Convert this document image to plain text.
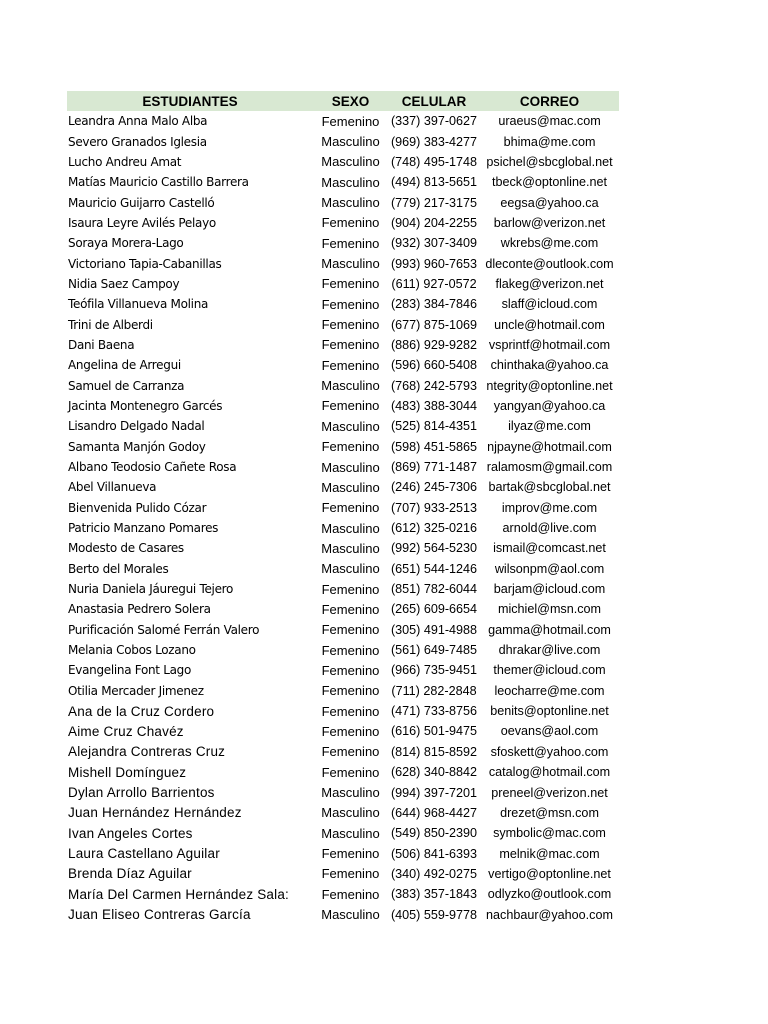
ESTUDIANTES	SEXO	CELULAR	CORREO
Leandra Anna Malo Alba	Femenino	(337) 397-0627	uraeus@mac.com
Severo Granados Iglesia	Masculino	(969) 383-4277	bhima@me.com
Lucho Andreu Amat	Masculino	(748) 495-1748	psichel@sbcglobal.net
Matías Mauricio Castillo Barrera	Masculino	(494) 813-5651	tbeck@optonline.net
Mauricio Guijarro Castelló	Masculino	(779) 217-3175	eegsa@yahoo.ca
Isaura Leyre Avilés Pelayo	Femenino	(904) 204-2255	barlow@verizon.net
Soraya Morera-Lago	Femenino	(932) 307-3409	wkrebs@me.com
Victoriano Tapia-Cabanillas	Masculino	(993) 960-7653	dleconte@outlook.com
Nidia Saez Campoy	Femenino	(611) 927-0572	flakeg@verizon.net
Teófila Villanueva Molina	Femenino	(283) 384-7846	slaff@icloud.com
Trini de Alberdi	Femenino	(677) 875-1069	uncle@hotmail.com
Dani Baena	Femenino	(886) 929-9282	vsprintf@hotmail.com
Angelina de Arregui	Femenino	(596) 660-5408	chinthaka@yahoo.ca
Samuel de Carranza	Masculino	(768) 242-5793	ntegrity@optonline.net
Jacinta Montenegro Garcés	Femenino	(483) 388-3044	yangyan@yahoo.ca
Lisandro Delgado Nadal	Masculino	(525) 814-4351	ilyaz@me.com
Samanta Manjón Godoy	Femenino	(598) 451-5865	njpayne@hotmail.com
Albano Teodosio Cañete Rosa	Masculino	(869) 771-1487	ralamosm@gmail.com
Abel Villanueva	Masculino	(246) 245-7306	bartak@sbcglobal.net
Bienvenida Pulido Cózar	Femenino	(707) 933-2513	improv@me.com
Patricio Manzano Pomares	Masculino	(612) 325-0216	arnold@live.com
Modesto de Casares	Masculino	(992) 564-5230	ismail@comcast.net
Berto del Morales	Masculino	(651) 544-1246	wilsonpm@aol.com
Nuria Daniela Jáuregui Tejero	Femenino	(851) 782-6044	barjam@icloud.com
Anastasia Pedrero Solera	Femenino	(265) 609-6654	michiel@msn.com
Purificación Salomé Ferrán Valero	Femenino	(305) 491-4988	gamma@hotmail.com
Melania Cobos Lozano	Femenino	(561) 649-7485	dhrakar@live.com
Evangelina Font Lago	Femenino	(966) 735-9451	themer@icloud.com
Otilia Mercader Jimenez	Femenino	(711) 282-2848	leocharre@me.com
Ana de la Cruz Cordero	Femenino	(471) 733-8756	benits@optonline.net
Aime Cruz Chavéz	Femenino	(616) 501-9475	oevans@aol.com
Alejandra Contreras Cruz	Femenino	(814) 815-8592	sfoskett@yahoo.com
Mishell Domínguez	Femenino	(628) 340-8842	catalog@hotmail.com
Dylan Arrollo Barrientos	Masculino	(994) 397-7201	preneel@verizon.net
Juan Hernández Hernández	Masculino	(644) 968-4427	drezet@msn.com
Ivan Angeles Cortes	Masculino	(549) 850-2390	symbolic@mac.com
Laura Castellano Aguilar	Femenino	(506) 841-6393	melnik@mac.com
Brenda Díaz Aguilar	Femenino	(340) 492-0275	vertigo@optonline.net
María Del Carmen Hernández Sala:	Femenino	(383) 357-1843	odlyzko@outlook.com
Juan Eliseo Contreras García	Masculino	(405) 559-9778	nachbaur@yahoo.com
